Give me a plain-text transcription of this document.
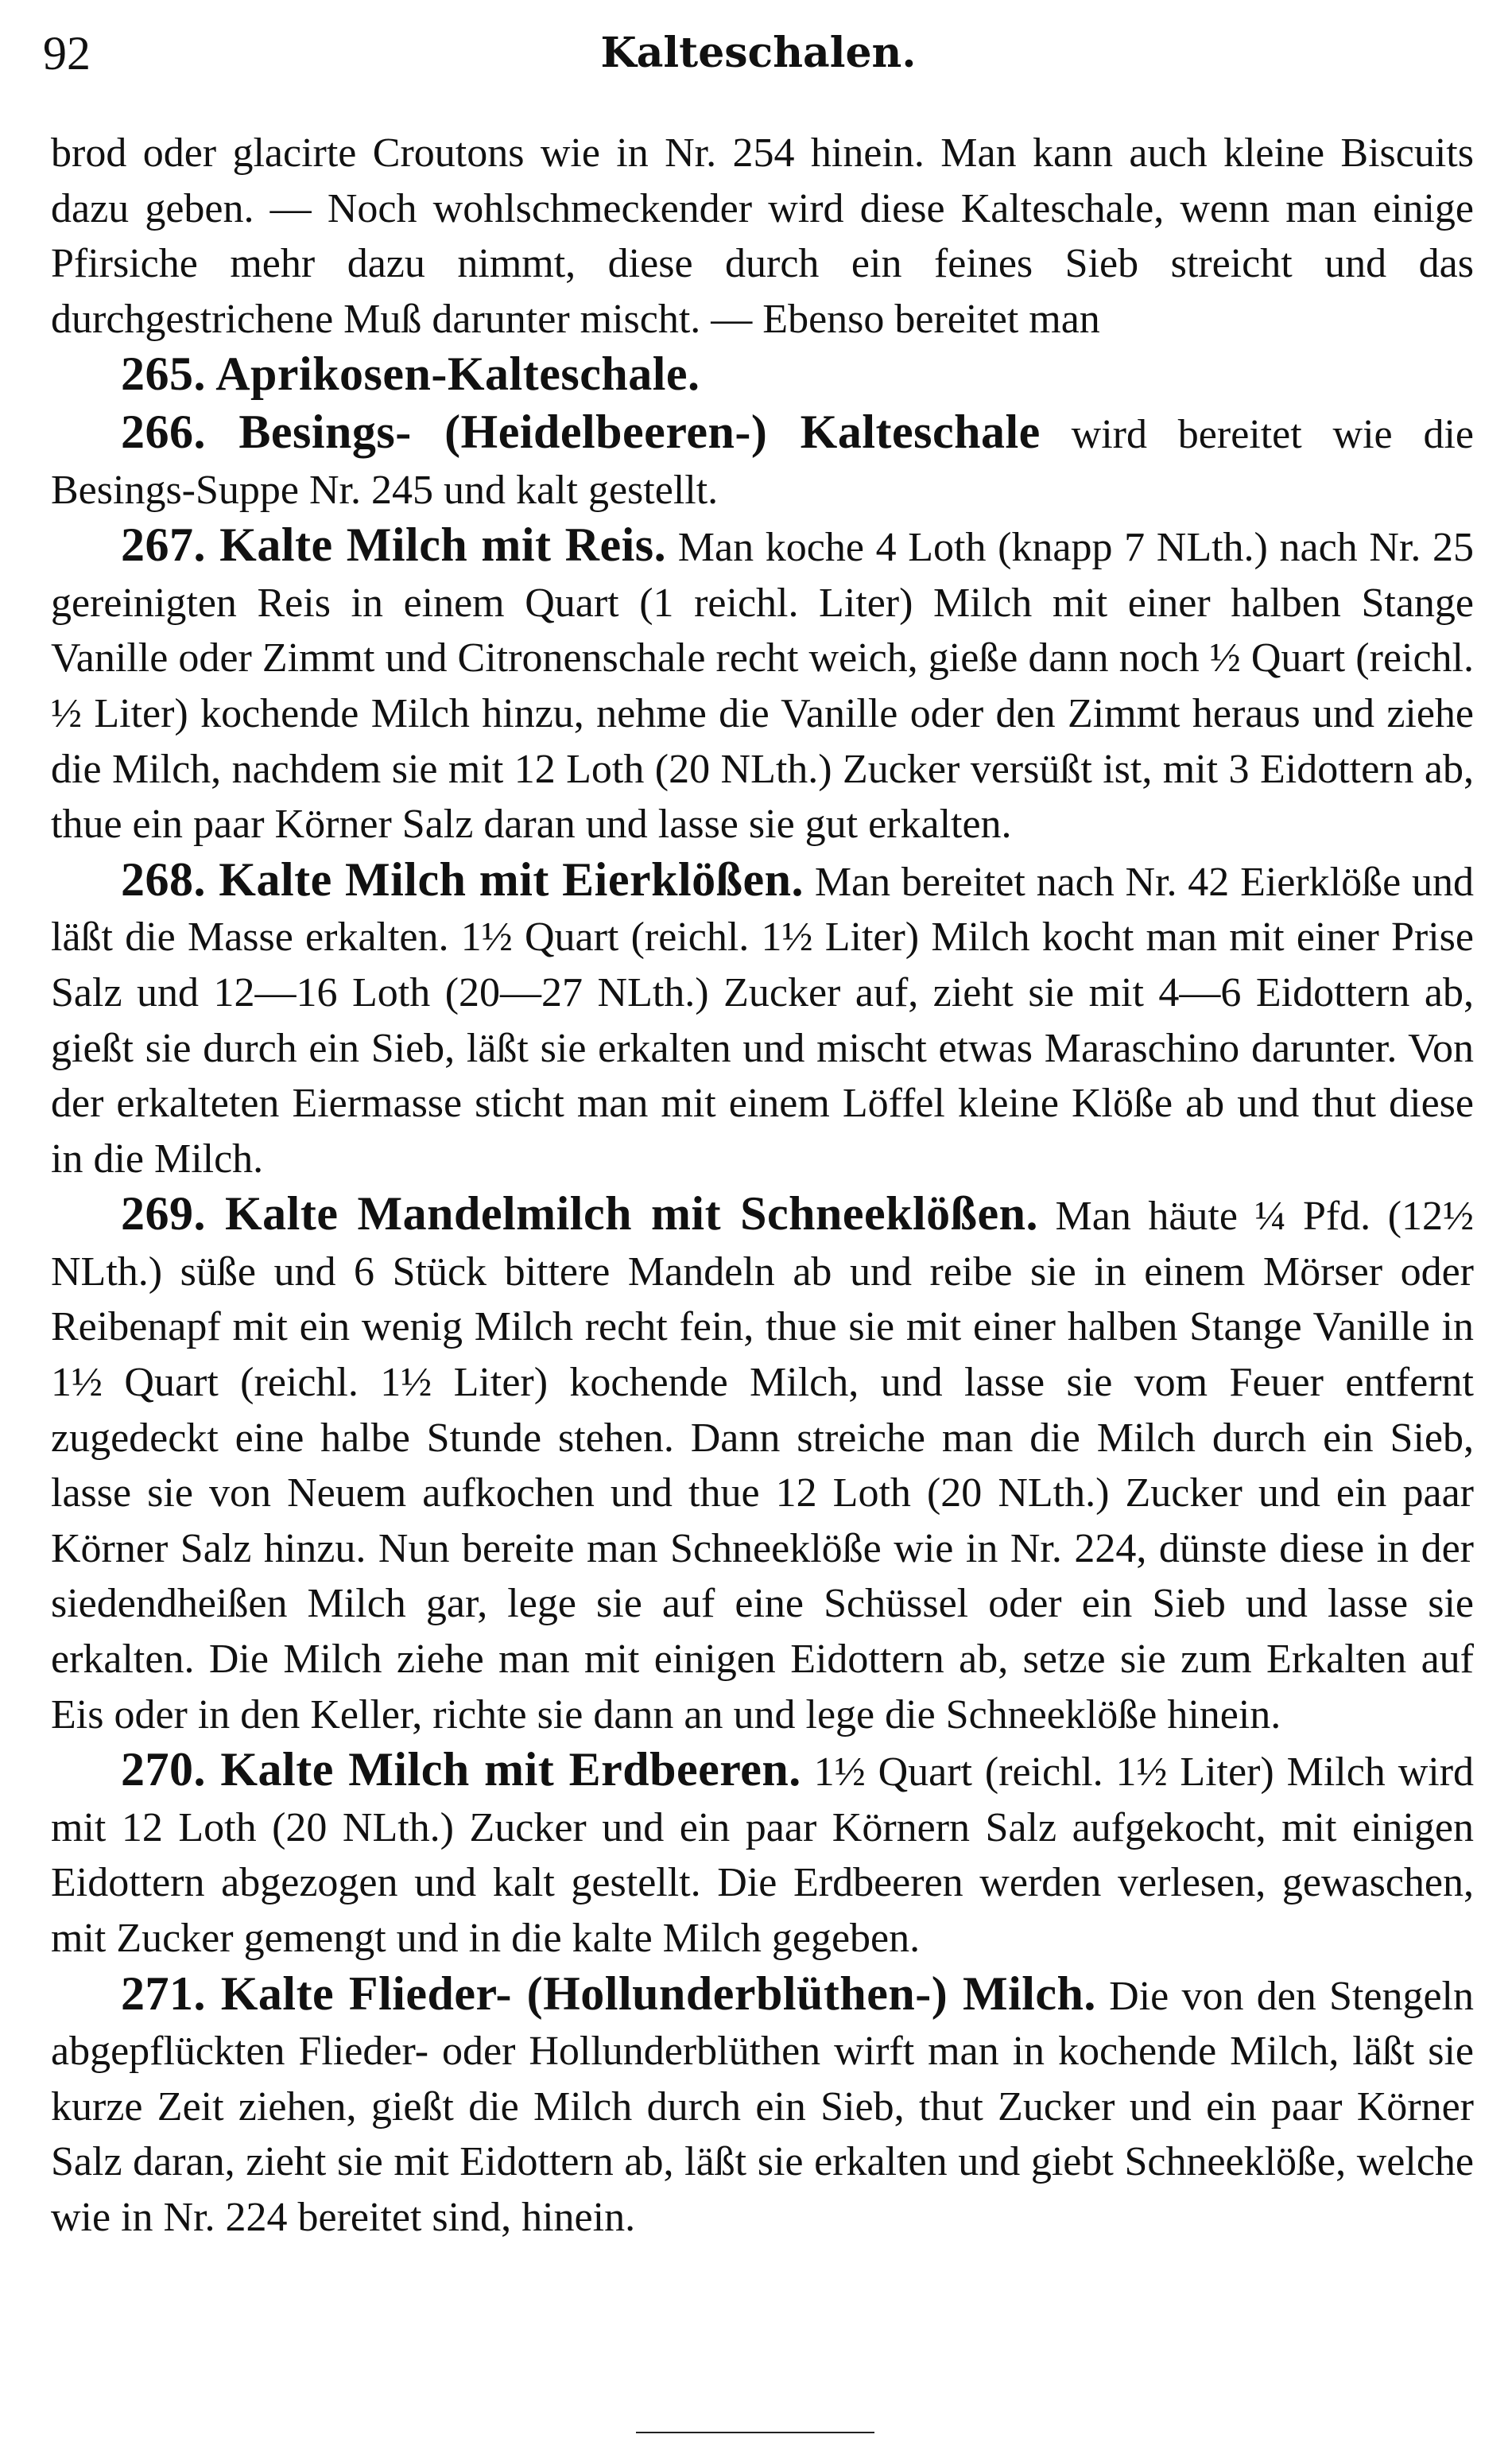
92	Kalteschalen.

brod oder glacirte Croutons wie in Nr. 254 hinein. Man kann auch kleine Biscuits dazu geben. — Noch wohlschmeckender wird diese Kalteschale, wenn man einige Pfirsiche mehr dazu nimmt, diese durch ein feines Sieb streicht und das durchgestrichene Muß darunter mischt. — Ebenso bereitet man

265. Aprikosen-Kalteschale.

266. Besings- (Heidelbeeren-) Kalteschale wird bereitet wie die Besings-Suppe Nr. 245 und kalt gestellt.

267. Kalte Milch mit Reis. Man koche 4 Loth (knapp 7 NLth.) nach Nr. 25 gereinigten Reis in einem Quart (1 reichl. Liter) Milch mit einer halben Stange Vanille oder Zimmt und Citronenschale recht weich, gieße dann noch ½ Quart (reichl. ½ Liter) kochende Milch hinzu, nehme die Vanille oder den Zimmt heraus und ziehe die Milch, nachdem sie mit 12 Loth (20 NLth.) Zucker versüßt ist, mit 3 Eidottern ab, thue ein paar Körner Salz daran und lasse sie gut erkalten.

268. Kalte Milch mit Eierklößen. Man bereitet nach Nr. 42 Eierklöße und läßt die Masse erkalten. 1½ Quart (reichl. 1½ Liter) Milch kocht man mit einer Prise Salz und 12—16 Loth (20—27 NLth.) Zucker auf, zieht sie mit 4—6 Eidottern ab, gießt sie durch ein Sieb, läßt sie erkalten und mischt etwas Maraschino darunter. Von der erkalteten Eiermasse sticht man mit einem Löffel kleine Klöße ab und thut diese in die Milch.

269. Kalte Mandelmilch mit Schneeklößen. Man häute ¼ Pfd. (12½ NLth.) süße und 6 Stück bittere Mandeln ab und reibe sie in einem Mörser oder Reibenapf mit ein wenig Milch recht fein, thue sie mit einer halben Stange Vanille in 1½ Quart (reichl. 1½ Liter) kochende Milch, und lasse sie vom Feuer entfernt zugedeckt eine halbe Stunde stehen. Dann streiche man die Milch durch ein Sieb, lasse sie von Neuem aufkochen und thue 12 Loth (20 NLth.) Zucker und ein paar Körner Salz hinzu. Nun bereite man Schneeklöße wie in Nr. 224, dünste diese in der siedendheißen Milch gar, lege sie auf eine Schüssel oder ein Sieb und lasse sie erkalten. Die Milch ziehe man mit einigen Eidottern ab, setze sie zum Erkalten auf Eis oder in den Keller, richte sie dann an und lege die Schneeklöße hinein.

270. Kalte Milch mit Erdbeeren. 1½ Quart (reichl. 1½ Liter) Milch wird mit 12 Loth (20 NLth.) Zucker und ein paar Körnern Salz aufgekocht, mit einigen Eidottern abgezogen und kalt gestellt. Die Erdbeeren werden verlesen, gewaschen, mit Zucker gemengt und in die kalte Milch gegeben.

271. Kalte Flieder- (Hollunderblüthen-) Milch. Die von den Stengeln abgepflückten Flieder- oder Hollunderblüthen wirft man in kochende Milch, läßt sie kurze Zeit ziehen, gießt die Milch durch ein Sieb, thut Zucker und ein paar Körner Salz daran, zieht sie mit Eidottern ab, läßt sie erkalten und giebt Schneeklöße, welche wie in Nr. 224 bereitet sind, hinein.
